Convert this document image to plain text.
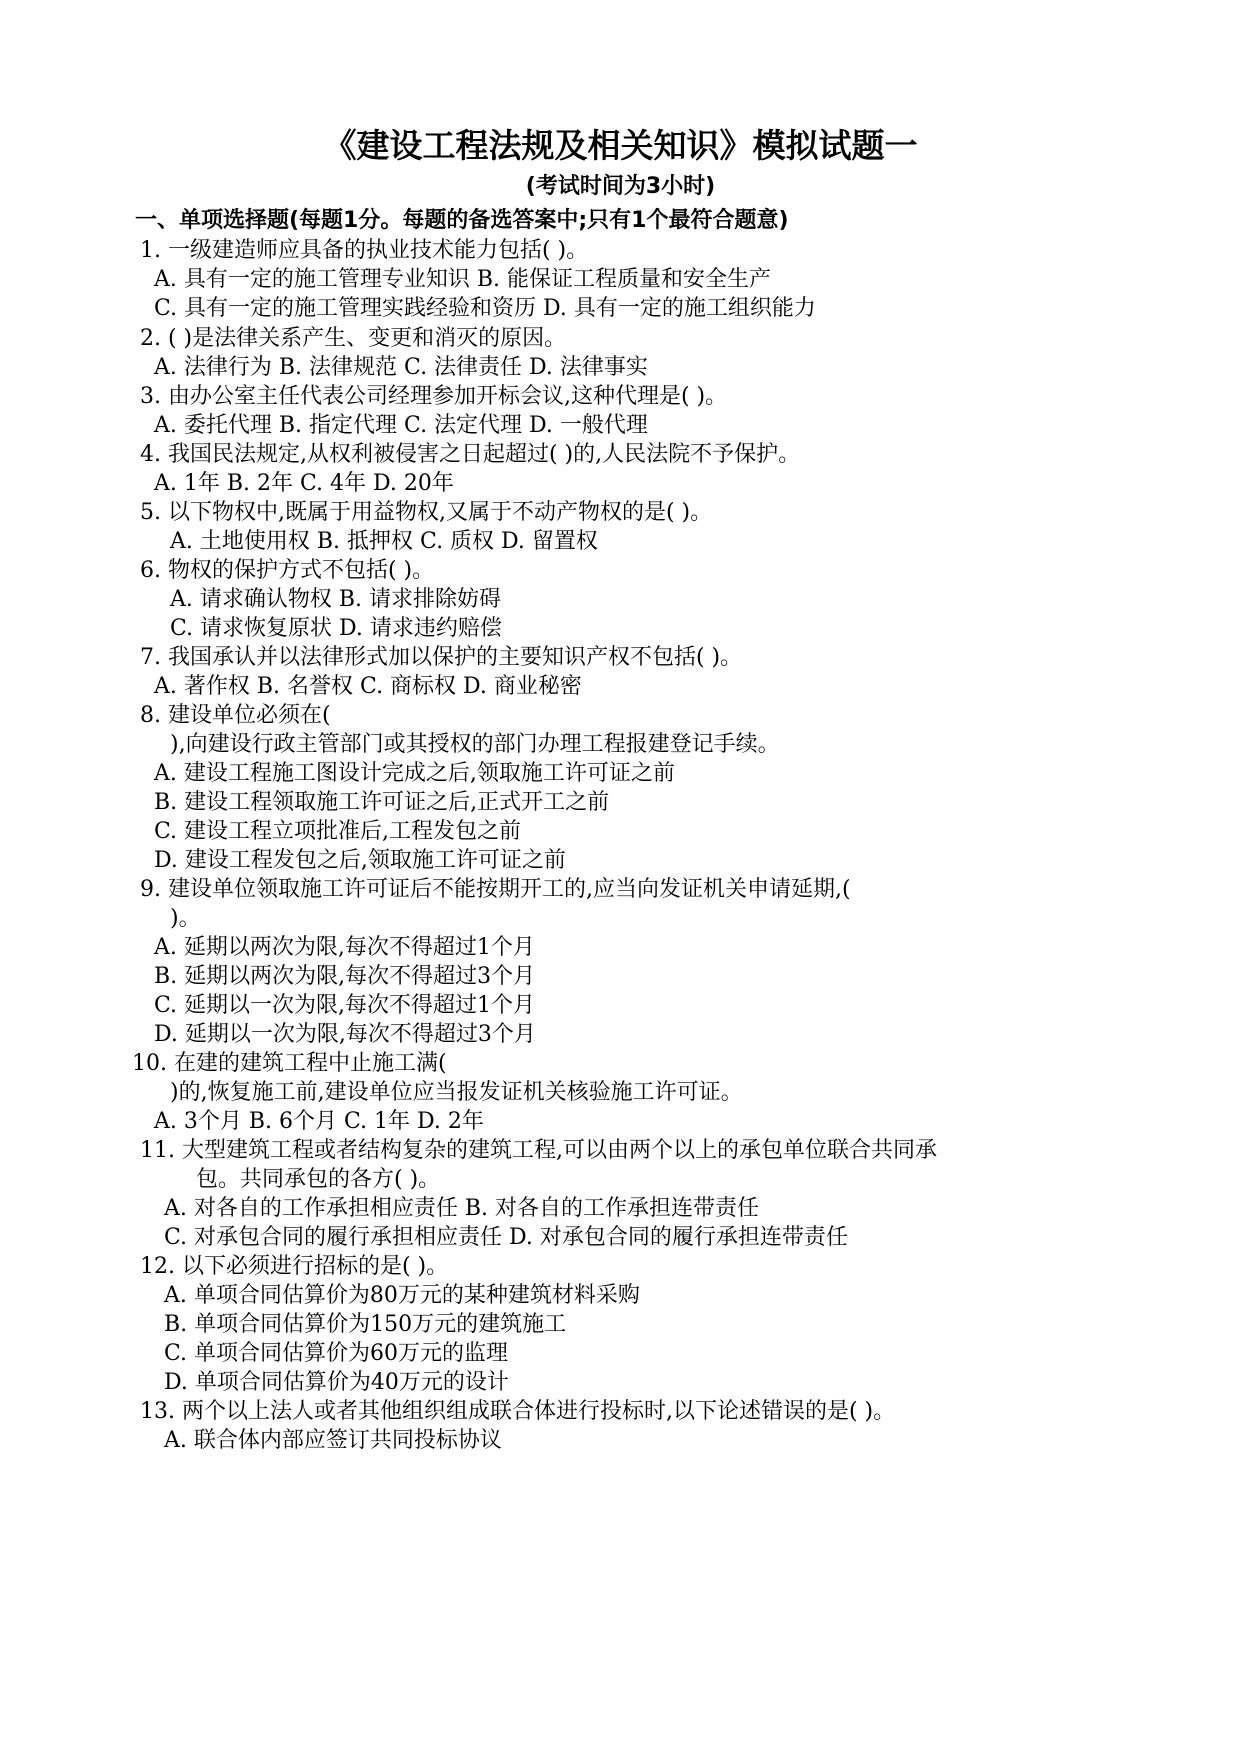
《建设工程法规及相关知识》模拟试题一
(考试时间为3小时)
一、单项选择题(每题1分。每题的备选答案中;只有1个最符合题意)
1. 一级建造师应具备的执业技术能力包括( )。
A. 具有一定的施工管理专业知识 B. 能保证工程质量和安全生产
C. 具有一定的施工管理实践经验和资历 D. 具有一定的施工组织能力
2. ( )是法律关系产生、变更和消灭的原因。
A. 法律行为 B. 法律规范 C. 法律责任 D. 法律事实
3. 由办公室主任代表公司经理参加开标会议,这种代理是( )。
A. 委托代理 B. 指定代理 C. 法定代理 D. 一般代理
4. 我国民法规定,从权利被侵害之日起超过( )的,人民法院不予保护。
A. 1年 B. 2年 C. 4年 D. 20年
5. 以下物权中,既属于用益物权,又属于不动产物权的是( )。
A. 土地使用权 B. 抵押权 C. 质权 D. 留置权
6. 物权的保护方式不包括( )。
A. 请求确认物权 B. 请求排除妨碍
C. 请求恢复原状 D. 请求违约赔偿
7. 我国承认并以法律形式加以保护的主要知识产权不包括( )。
A. 著作权 B. 名誉权 C. 商标权 D. 商业秘密
8. 建设单位必须在(
),向建设行政主管部门或其授权的部门办理工程报建登记手续。
A. 建设工程施工图设计完成之后,领取施工许可证之前
B. 建设工程领取施工许可证之后,正式开工之前
C. 建设工程立项批准后,工程发包之前
D. 建设工程发包之后,领取施工许可证之前
9. 建设单位领取施工许可证后不能按期开工的,应当向发证机关申请延期,(
)。
A. 延期以两次为限,每次不得超过1个月
B. 延期以两次为限,每次不得超过3个月
C. 延期以一次为限,每次不得超过1个月
D. 延期以一次为限,每次不得超过3个月
10. 在建的建筑工程中止施工满(
)的,恢复施工前,建设单位应当报发证机关核验施工许可证。
A. 3个月 B. 6个月 C. 1年 D. 2年
11. 大型建筑工程或者结构复杂的建筑工程,可以由两个以上的承包单位联合共同承
包。共同承包的各方( )。
A. 对各自的工作承担相应责任 B. 对各自的工作承担连带责任
C. 对承包合同的履行承担相应责任 D. 对承包合同的履行承担连带责任
12. 以下必须进行招标的是( )。
A. 单项合同估算价为80万元的某种建筑材料采购
B. 单项合同估算价为150万元的建筑施工
C. 单项合同估算价为60万元的监理
D. 单项合同估算价为40万元的设计
13. 两个以上法人或者其他组织组成联合体进行投标时,以下论述错误的是( )。
A. 联合体内部应签订共同投标协议
